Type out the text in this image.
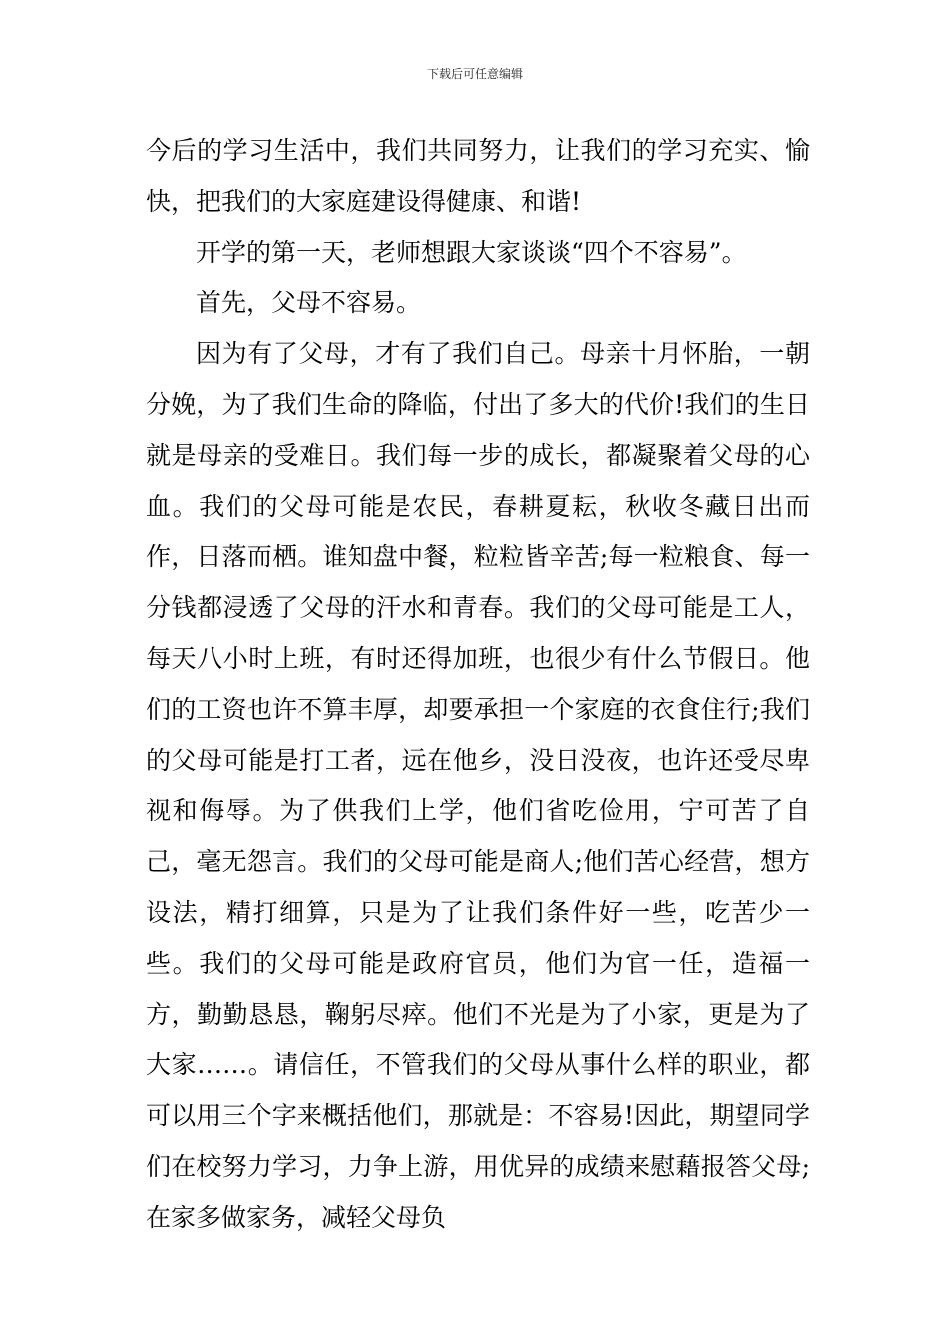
下载后可任意编辑

今后的学习生活中，我们共同努力，让我们的学习充实、愉快，把我们的大家庭建设得健康、和谐!

开学的第一天，老师想跟大家谈谈“四个不容易”。

首先，父母不容易。

因为有了父母，才有了我们自己。母亲十月怀胎，一朝分娩，为了我们生命的降临，付出了多大的代价!我们的生日就是母亲的受难日。我们每一步的成长，都凝聚着父母的心血。我们的父母可能是农民，春耕夏耘，秋收冬藏日出而作，日落而栖。谁知盘中餐，粒粒皆辛苦;每一粒粮食、每一分钱都浸透了父母的汗水和青春。我们的父母可能是工人，每天八小时上班，有时还得加班，也很少有什么节假日。他们的工资也许不算丰厚，却要承担一个家庭的衣食住行;我们的父母可能是打工者，远在他乡，没日没夜，也许还受尽卑视和侮辱。为了供我们上学，他们省吃俭用，宁可苦了自己，毫无怨言。我们的父母可能是商人;他们苦心经营，想方设法，精打细算，只是为了让我们条件好一些，吃苦少一些。我们的父母可能是政府官员，他们为官一任，造福一方，勤勤恳恳，鞠躬尽瘁。他们不光是为了小家，更是为了大家……。请信任，不管我们的父母从事什么样的职业，都可以用三个字来概括他们，那就是：不容易!因此，期望同学们在校努力学习，力争上游，用优异的成绩来慰藉报答父母;在家多做家务，减轻父母负
